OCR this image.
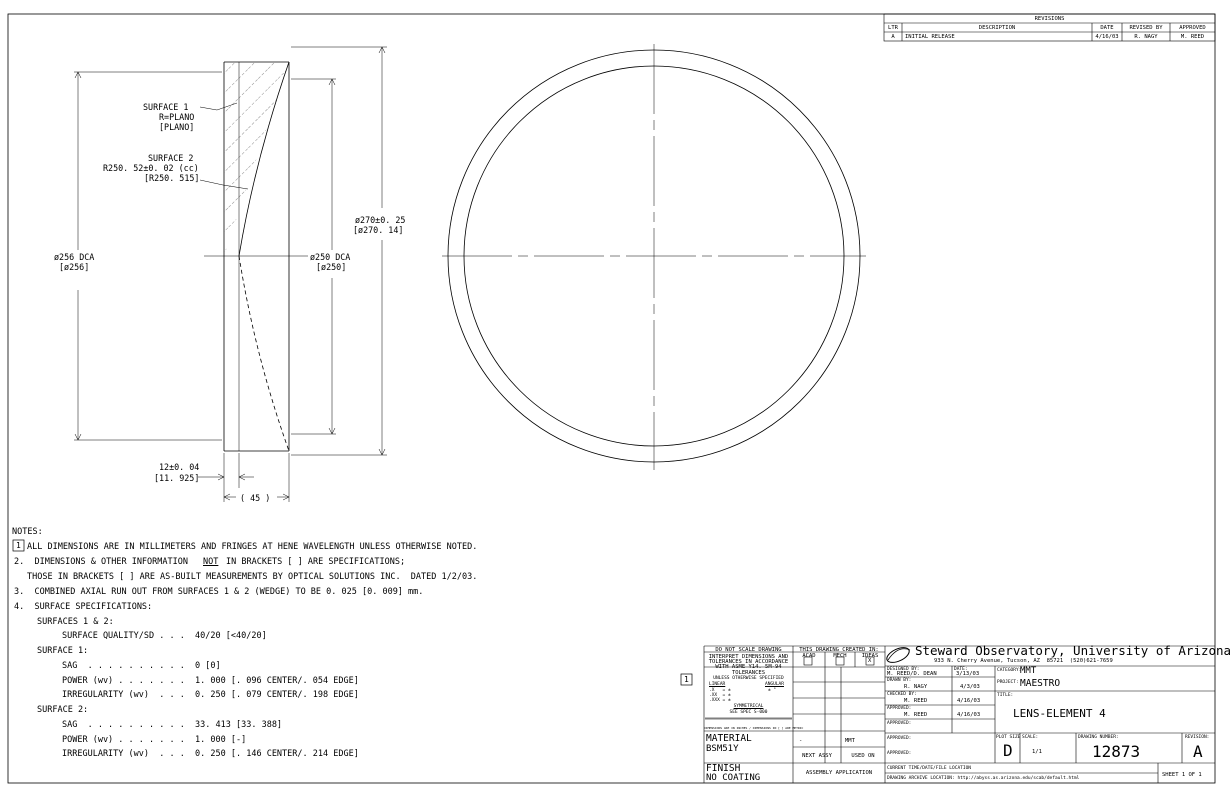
REVISIONS
LTR	DESCRIPTION	DATE	REVISED BY	APPROVED
A	INITIAL RELEASE	4/16/03	R. NAGY	M. REED
SURFACE 1
R=PLANO
[PLANO]
SURFACE 2
R250. 52±0. 02 (cc)
[R250. 515]
ø256 DCA
[ø256]
ø250 DCA
[ø250]
ø270±0. 25
[ø270. 14]
12±0. 04
[11. 925]
( 45 )
NOTES:
1 ALL DIMENSIONS ARE IN MILLIMETERS AND FRINGES AT HENE WAVELENGTH UNLESS OTHERWISE NOTED.
2.  DIMENSIONS & OTHER INFORMATION NOT IN BRACKETS [ ] ARE SPECIFICATIONS;
THOSE IN BRACKETS [ ] ARE AS-BUILT MEASUREMENTS BY OPTICAL SOLUTIONS INC.  DATED 1/2/03.
3.  COMBINED AXIAL RUN OUT FROM SURFACES 1 & 2 (WEDGE) TO BE 0. 025 [0. 009] mm.
4.  SURFACE SPECIFICATIONS:
SURFACES 1 & 2:
SURFACE QUALITY/SD . . .  40/20 [<40/20]
SURFACE 1:
SAG  . . . . . . . . . .  0 [0]
POWER (wv) . . . . . . .  1. 000 [. 096 CENTER/. 054 EDGE]
IRREGULARITY (wv)  . . .  0. 250 [. 079 CENTER/. 198 EDGE]
SURFACE 2:
SAG  . . . . . . . . . .  33. 413 [33. 388]
POWER (wv) . . . . . . .  1. 000 [-]
IRREGULARITY (wv)  . . .  0. 250 [. 146 CENTER/. 214 EDGE]
DO NOT SCALE DRAWING
INTERPRET DIMENSIONS AND
TOLERANCES IN ACCORDANCE
WITH ASME Y14. 5M-94
TOLERANCES
UNLESS OTHERWISE SPECIFIED
LINEAR	ANGULAR
.X   = ±
.XX  = ±
.XXX = ±
± °
SYMMETRICAL
SEE SPEC S-000
DIMENSIONS ARE IN INCHES / DIMENSIONS IN [ ] ARE METRIC
MATERIAL
BSM51Y
FINISH
NO COATING
1
THIS DRAWING CREATED IN:
ACAD	MECH	IDEAS
X
-	MMT
NEXT ASSY	USED ON
ASSEMBLY APPLICATION
Steward Observatory, University of Arizona
933 N. Cherry Avenue, Tucson, AZ  85721  (520)621-7659
DESIGNED BY:
M. REED/D. DEAN
DATE:
3/13/03
DRAWN BY:
R. NAGY	4/3/03
CHECKED BY:
M. REED	4/16/03
APPROVED:
M. REED	4/16/03
APPROVED:
APPROVED:
APPROVED:
CATEGORY:
MMT
PROJECT: MAESTRO
TITLE:
LENS-ELEMENT 4
PLOT SIZE
D
SCALE:
1/1
DRAWING NUMBER:
12873
REVISION:
A
CURRENT TIME/DATE/FILE LOCATION
DRAWING ARCHIVE LOCATION: http://abyss.as.arizona.edu/scab/default.html
SHEET 1 OF 1
